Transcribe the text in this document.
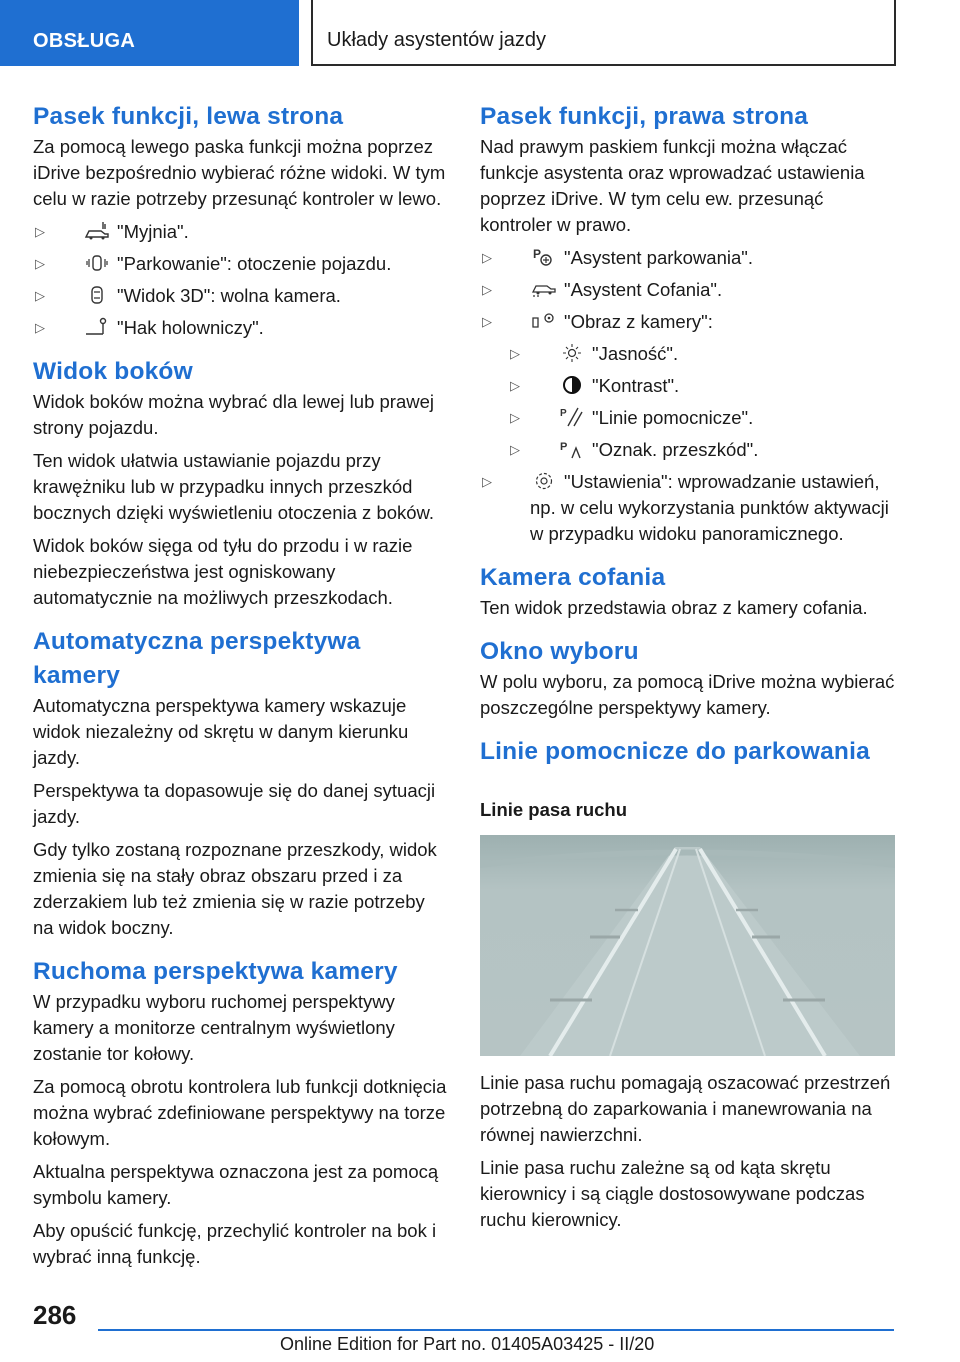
OBSŁUGA	Układy asystentów jazdy
Pasek funkcji, lewa strona

Za pomocą lewego paska funkcji można poprzez iDrive bezpośrednio wybierać różne widoki. W tym celu w razie potrzeby przesunąć kontroler w lewo.

▷	"Myjnia".
▷	"Parkowanie": otoczenie pojazdu.
▷	"Widok 3D": wolna kamera.
▷	"Hak holowniczy".
Widok boków

Widok boków można wybrać dla lewej lub prawej strony pojazdu.

Ten widok ułatwia ustawianie pojazdu przy krawężniku lub w przypadku innych przeszkód bocznych dzięki wyświetleniu otoczenia z boków.

Widok boków sięga od tyłu do przodu i w razie niebezpieczeństwa jest ogniskowany automatycznie na możliwych przeszkodach.

Automatyczna perspektywa kamery

Automatyczna perspektywa kamery wskazuje widok niezależny od skrętu w danym kierunku jazdy.

Perspektywa ta dopasowuje się do danej sytuacji jazdy.

Gdy tylko zostaną rozpoznane przeszkody, widok zmienia się na stały obraz obszaru przed i za zderzakiem lub też zmienia się w razie potrzeby na widok boczny.

Ruchoma perspektywa kamery

W przypadku wyboru ruchomej perspektywy kamery a monitorze centralnym wyświetlony zostanie tor kołowy.

Za pomocą obrotu kontrolera lub funkcji dotknięcia można wybrać zdefiniowane perspektywy na torze kołowym.

Aktualna perspektywa oznaczona jest za pomocą symbolu kamery.

Aby opuścić funkcję, przechylić kontroler na bok i wybrać inną funkcję.

Pasek funkcji, prawa strona

Nad prawym paskiem funkcji można włączać funkcje asystenta oraz wprowadzać ustawienia poprzez iDrive. W tym celu ew. przesunąć kontroler w prawo.

▷	P "Asystent parkowania".
▷	"Asystent Cofania".
▷	"Obraz z kamery":
▷	"Jasność".
▷	"Kontrast".
▷	P "Linie pomocnicze".
▷	P "Oznak. przeszkód".
▷	"Ustawienia": wprowadzanie ustawień, np. w celu wykorzystania punktów aktywacji w przypadku widoku panoramicznego.
Kamera cofania

Ten widok przedstawia obraz z kamery cofania.

Okno wyboru

W polu wyboru, za pomocą iDrive można wybierać poszczególne perspektywy kamery.

Linie pomocnicze do parkowania
Linie pasa ruchu

Linie pasa ruchu pomagają oszacować przestrzeń potrzebną do zaparkowania i manewrowania na równej nawierzchni.

Linie pasa ruchu zależne są od kąta skrętu kierownicy i są ciągle dostosowywane podczas ruchu kierownicy.

286
Online Edition for Part no. 01405A03425 - II/20
